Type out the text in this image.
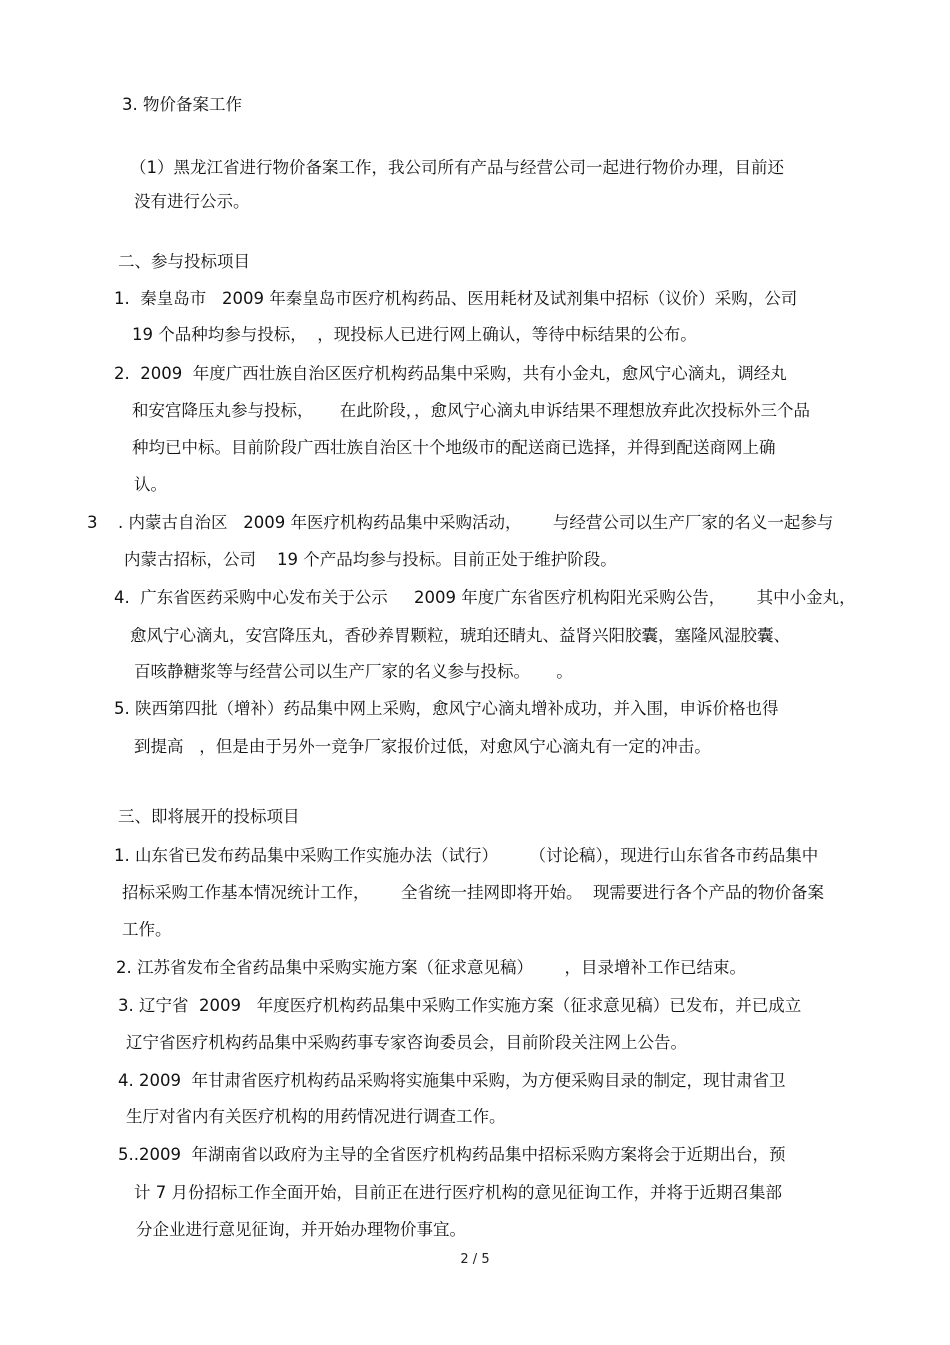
3. 物价备案工作
（1）黑龙江省进行物价备案工作，我公司所有产品与经营公司一起进行物价办理，目前还
没有进行公示。
二、参与投标项目
1.  秦皇岛市   2009 年秦皇岛市医疗机构药品、医用耗材及试剂集中招标（议价）采购，公司
19 个品种均参与投标，  ，现投标人已进行网上确认，等待中标结果的公布。
2.  2009  年度广西壮族自治区医疗机构药品集中采购，共有小金丸，愈风宁心滴丸，调经丸
和安宫降压丸参与投标，     在此阶段，，愈风宁心滴丸申诉结果不理想放弃此次投标外三个品
种均已中标。目前阶段广西壮族自治区十个地级市的配送商已选择，并得到配送商网上确
认。
3 . 内蒙古自治区   2009 年医疗机构药品集中采购活动，      与经营公司以生产厂家的名义一起参与
内蒙古招标，公司    19 个产品均参与投标。目前正处于维护阶段。
4.  广东省医药采购中心发布关于公示     2009 年度广东省医疗机构阳光采购公告，      其中小金丸，
愈风宁心滴丸，安宫降压丸，香砂养胃颗粒，琥珀还睛丸、益肾兴阳胶囊，塞隆风湿胶囊、
百咳静糖浆等与经营公司以生产厂家的名义参与投标。     。
5. 陕西第四批（增补）药品集中网上采购，愈风宁心滴丸增补成功，并入围，申诉价格也得
到提高   ，但是由于另外一竞争厂家报价过低，对愈风宁心滴丸有一定的冲击。
三、即将展开的投标项目
1. 山东省已发布药品集中采购工作实施办法（试行）      （讨论稿），现进行山东省各市药品集中
招标采购工作基本情况统计工作，      全省统一挂网即将开始。  现需要进行各个产品的物价备案
工作。
2. 江苏省发布全省药品集中采购实施方案（征求意见稿）      ，目录增补工作已结束。
3. 辽宁省  2009   年度医疗机构药品集中采购工作实施方案（征求意见稿）已发布，并已成立
辽宁省医疗机构药品集中采购药事专家咨询委员会，目前阶段关注网上公告。
4. 2009  年甘肃省医疗机构药品采购将实施集中采购，为方便采购目录的制定，现甘肃省卫
生厅对省内有关医疗机构的用药情况进行调查工作。
5..2009  年湖南省以政府为主导的全省医疗机构药品集中招标采购方案将会于近期出台，预
计 7 月份招标工作全面开始，目前正在进行医疗机构的意见征询工作，并将于近期召集部
分企业进行意见征询，并开始办理物价事宜。
2 / 5
